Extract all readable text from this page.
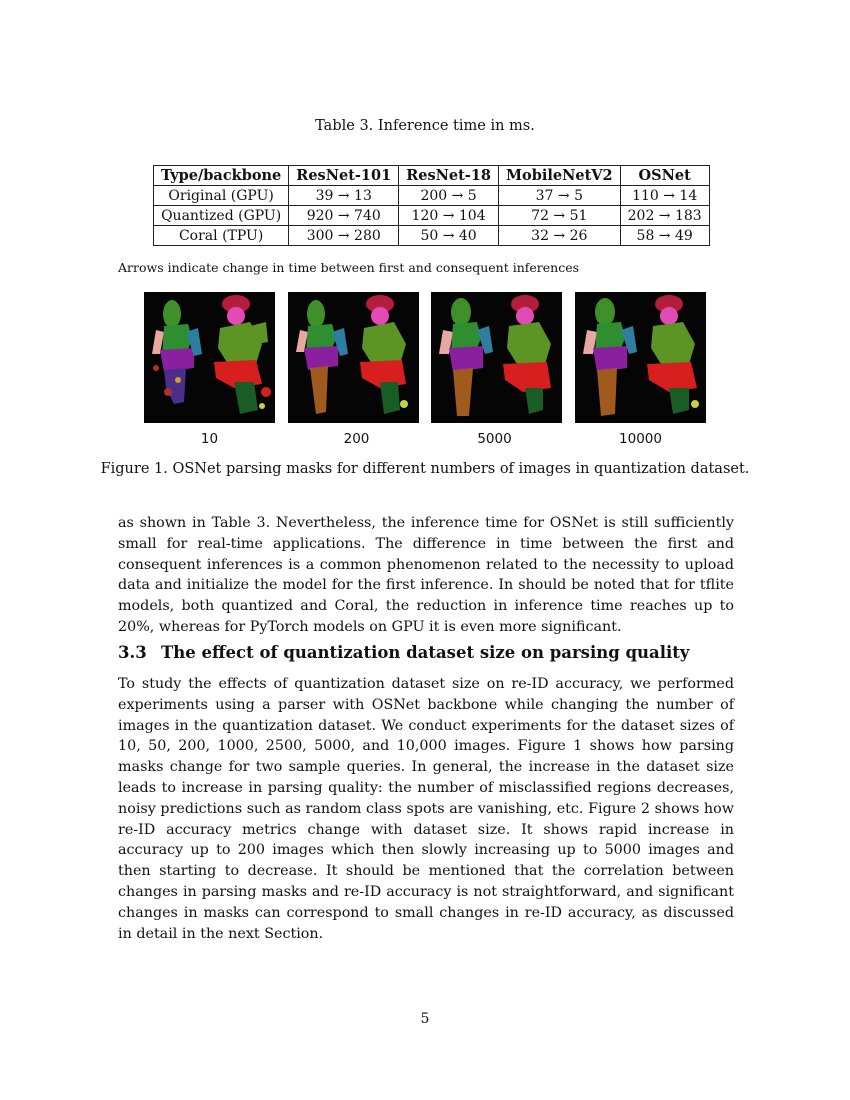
Table 3. Inference time in ms.
Type/backbone	ResNet-101	ResNet-18	MobileNetV2	OSNet
Original (GPU)	39 → 13	200 → 5	37 → 5	110 → 14
Quantized (GPU)	920 → 740	120 → 104	72 → 51	202 → 183
Coral (TPU)	300 → 280	50 → 40	32 → 26	58 → 49
Arrows indicate change in time between first and consequent inferences
10	200	5000	10000
Figure 1. OSNet parsing masks for different numbers of images in quantization dataset.

as shown in Table 3. Nevertheless, the inference time for OSNet is still sufficiently small for real-time applications. The difference in time between the first and consequent inferences is a common phenomenon related to the necessity to upload data and initialize the model for the first inference. In should be noted that for tflite models, both quantized and Coral, the reduction in inference time reaches up to 20%, whereas for PyTorch models on GPU it is even more significant.

3.3 The effect of quantization dataset size on parsing quality

To study the effects of quantization dataset size on re-ID accuracy, we performed experiments using a parser with OSNet backbone while changing the number of images in the quantization dataset. We conduct experiments for the dataset sizes of 10, 50, 200, 1000, 2500, 5000, and 10,000 images. Figure 1 shows how parsing masks change for two sample queries. In general, the increase in the dataset size leads to increase in parsing quality: the number of misclassified regions decreases, noisy predictions such as random class spots are vanishing, etc. Figure 2 shows how re-ID accuracy metrics change with dataset size. It shows rapid increase in accuracy up to 200 images which then slowly increasing up to 5000 images and then starting to decrease. It should be mentioned that the correlation between changes in parsing masks and re-ID accuracy is not straightforward, and significant changes in masks can correspond to small changes in re-ID accuracy, as discussed in detail in the next Section.

5
